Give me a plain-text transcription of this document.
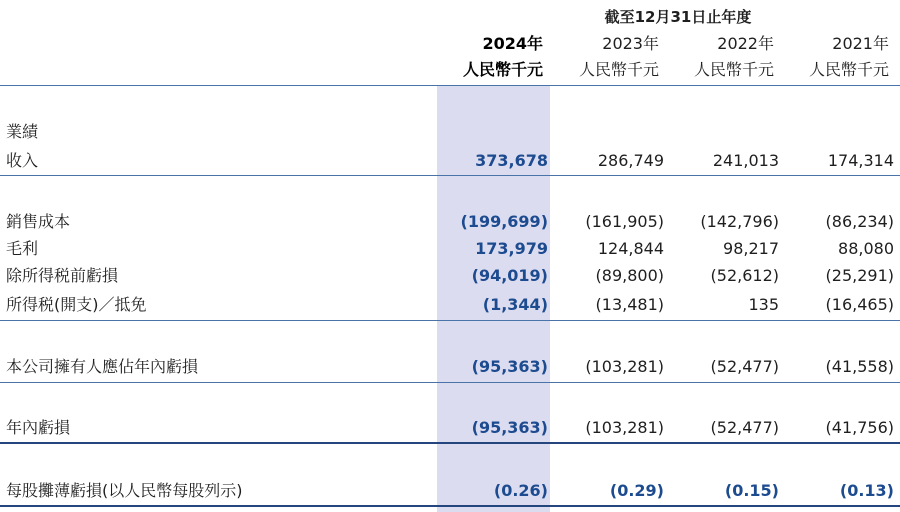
截至12月31日止年度
2024年	2023年	2022年	2021年
人民幣千元	人民幣千元	人民幣千元	人民幣千元
業績
收入	373,678	286,749	241,013	174,314
銷售成本	(199,699)	(161,905)	(142,796)	(86,234)
毛利	173,979	124,844	98,217	88,080
除所得税前虧損	(94,019)	(89,800)	(52,612)	(25,291)
所得税(開支)／抵免	(1,344)	(13,481)	135	(16,465)
本公司擁有人應佔年內虧損	(95,363)	(103,281)	(52,477)	(41,558)
年內虧損	(95,363)	(103,281)	(52,477)	(41,756)
每股攤薄虧損(以人民幣每股列示)	(0.26)	(0.29)	(0.15)	(0.13)
